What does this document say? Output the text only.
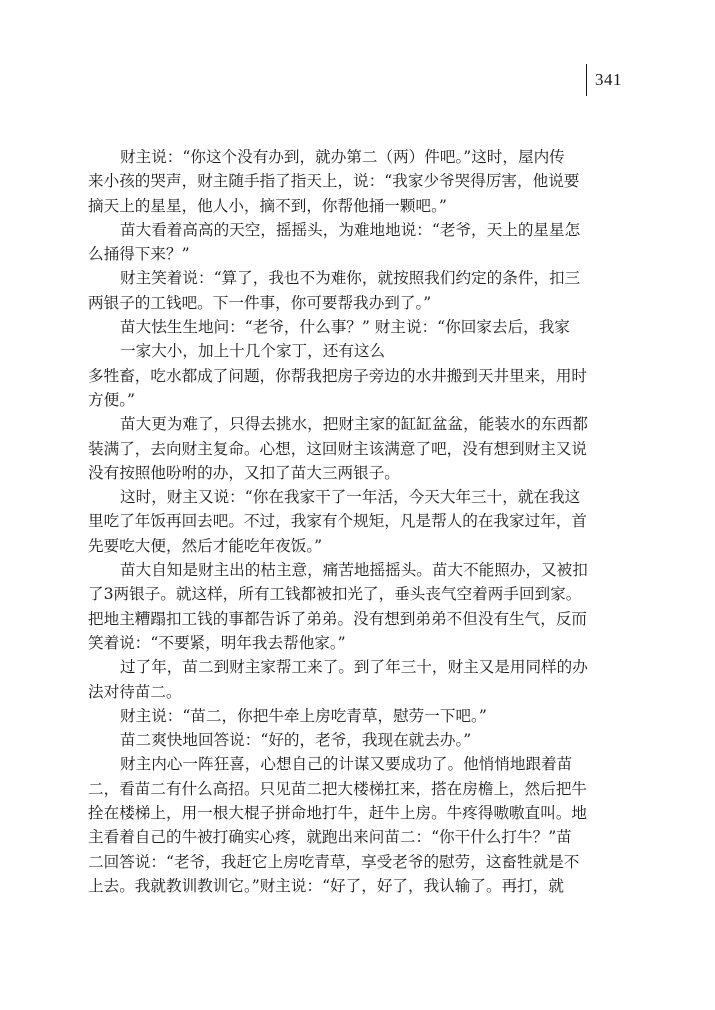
341
财主说：“你这个没有办到，就办第二（两）件吧。”这时，屋内传
来小孩的哭声，财主随手指了指天上，说：“我家少爷哭得厉害，他说要
摘天上的星星，他人小，摘不到，你帮他捅一颗吧。”
苗大看着高高的天空，摇摇头，为难地地说：“老爷，天上的星星怎
么捅得下来？”
财主笑着说：“算了，我也不为难你，就按照我们约定的条件，扣三
两银子的工钱吧。下一件事，你可要帮我办到了。”
苗大怯生生地问：“老爷，什么事？” 财主说：“你回家去后，我家
一家大小，加上十几个家丁，还有这么
多牲畜，吃水都成了问题，你帮我把房子旁边的水井搬到天井里来，用时
方便。”
苗大更为难了，只得去挑水，把财主家的缸缸盆盆，能装水的东西都
装满了，去向财主复命。心想，这回财主该满意了吧，没有想到财主又说
没有按照他吩咐的办，又扣了苗大三两银子。
这时，财主又说：“你在我家干了一年活，今天大年三十，就在我这
里吃了年饭再回去吧。不过，我家有个规矩，凡是帮人的在我家过年，首
先要吃大便，然后才能吃年夜饭。”
苗大自知是财主出的枯主意，痛苦地摇摇头。苗大不能照办，又被扣
了3两银子。就这样，所有工钱都被扣光了，垂头丧气空着两手回到家。
把地主糟蹋扣工钱的事都告诉了弟弟。没有想到弟弟不但没有生气，反而
笑着说：“不要紧，明年我去帮他家。”
过了年，苗二到财主家帮工来了。到了年三十，财主又是用同样的办
法对待苗二。
财主说：“苗二，你把牛牵上房吃青草，慰劳一下吧。”
苗二爽快地回答说：“好的，老爷，我现在就去办。”
财主内心一阵狂喜，心想自己的计谋又要成功了。他悄悄地跟着苗
二，看苗二有什么高招。只见苗二把大楼梯扛来，搭在房檐上，然后把牛
拴在楼梯上，用一根大棍子拼命地打牛，赶牛上房。牛疼得嗷嗷直叫。地
主看着自己的牛被打确实心疼，就跑出来问苗二：“你干什么打牛？”苗
二回答说：“老爷，我赶它上房吃青草，享受老爷的慰劳，这畜牲就是不
上去。我就教训教训它。”财主说：“好了，好了，我认输了。再打，就
